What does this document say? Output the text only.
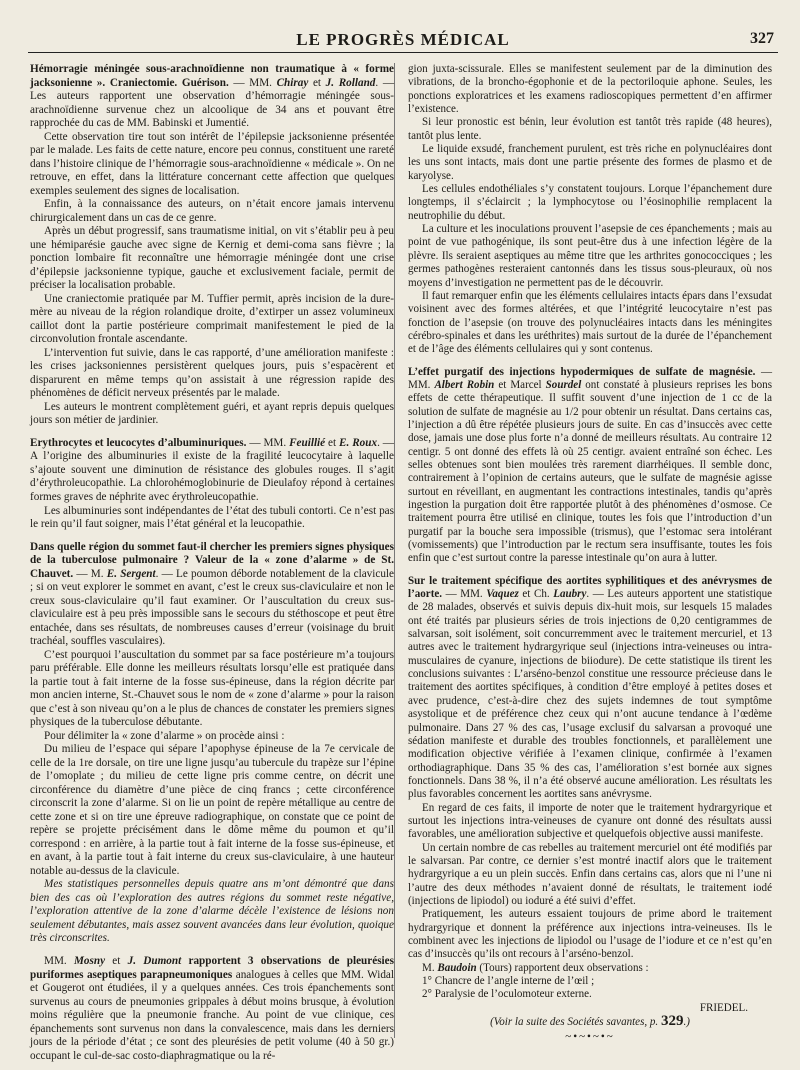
LE PROGRÈS MÉDICAL	327

Hémorragie méningée sous-arachnoïdienne non traumatique à « forme jacksonienne ». Craniectomie. Guérison. — MM. Chiray et J. Rolland. — Les auteurs rapportent une observation d’hémorragie méningée sous-arachnoïdienne survenue chez un alcoolique de 34 ans et pouvant être rapprochée du cas de MM. Babinski et Jumentié.

Cette observation tire tout son intérêt de l’épilepsie jacksonienne présentée par le malade. Les faits de cette nature, encore peu connus, constituent une rareté dans l’histoire clinique de l’hémorragie sous-arachnoïdienne « médicale ». On ne retrouve, en effet, dans la littérature concernant cette affection que quelques exemples seulement des signes de localisation.

Enfin, à la connaissance des auteurs, on n’était encore jamais intervenu chirurgicalement dans un cas de ce genre.

Après un début progressif, sans traumatisme initial, on vit s’établir peu à peu une hémiparésie gauche avec signe de Kernig et demi-coma sans fièvre ; la ponction lombaire fit reconnaître une hémorragie méningée dont une crise d’épilepsie jacksonienne typique, gauche et exclusivement faciale, permit de préciser la localisation probable.

Une craniectomie pratiquée par M. Tuffier permit, après incision de la dure-mère au niveau de la région rolandique droite, d’extirper un assez volumineux caillot dont la partie postérieure comprimait manifestement le pied de la circonvolution frontale ascendante.

L’intervention fut suivie, dans le cas rapporté, d’une amélioration manifeste : les crises jacksoniennes persistèrent quelques jours, puis s’espacèrent et disparurent en même temps qu’on assistait à une régression rapide des phénomènes de déficit nerveux présentés par le malade.

Les auteurs le montrent complètement guéri, et ayant repris depuis quelques jours son métier de jardinier.

Erythrocytes et leucocytes d’albuminuriques. — MM. Feuillié et E. Roux. — A l’origine des albuminuries il existe de la fragilité leucocytaire à laquelle s’ajoute souvent une diminution de résistance des globules rouges. Il s’agit d’érythroleucopathie. La chlorohémoglobinurie de Dieulafoy répond à certaines formes graves de néphrite avec érythroleucopathie.

Les albuminuries sont indépendantes de l’état des tubuli contorti. Ce n’est pas le rein qu’il faut soigner, mais l’état général et la leucopathie.

Dans quelle région du sommet faut-il chercher les premiers signes physiques de la tuberculose pulmonaire ? Valeur de la « zone d’alarme » de St. Chauvet. — M. E. Sergent. — Le poumon déborde notablement de la clavicule ; si on veut explorer le sommet en avant, c’est le creux sus-claviculaire et non le creux sous-claviculaire qu’il faut examiner. Or l’auscultation du creux sus-claviculaire est à peu près impossible sans le secours du stéthoscope et peut être entachée, dans ses résultats, de nombreuses causes d’erreur (voisinage du bruit trachéal, souffles vasculaires).

C’est pourquoi l’auscultation du sommet par sa face postérieure m’a toujours paru préférable. Elle donne les meilleurs résultats lorsqu’elle est pratiquée dans la partie tout à fait interne de la fosse sus-épineuse, dans la région décrite par mon ancien interne, St.-Chauvet sous le nom de « zone d’alarme » pour la raison que c’est à son niveau qu’on a le plus de chances de constater les premiers signes physiques de la tuberculose débutante.

Pour délimiter la « zone d’alarme » on procède ainsi :

Du milieu de l’espace qui sépare l’apophyse épineuse de la 7e cervicale de celle de la 1re dorsale, on tire une ligne jusqu’au tubercule du trapèze sur l’épine de l’omoplate ; du milieu de cette ligne pris comme centre, on décrit une circonférence du diamètre d’une pièce de cinq francs ; cette circonférence circonscrit la zone d’alarme. Si on lie un point de repère métallique au centre de cette zone et si on tire une épreuve radiographique, on constate que ce point de repère se projette précisément dans le dôme même du poumon et qu’il correspond : en arrière, à la partie tout à fait interne de la fosse sus-épineuse, et en avant, à la partie tout à fait interne du creux sus-claviculaire, à une hauteur notable au-dessus de la clavicule.

Mes statistiques personnelles depuis quatre ans m’ont démontré que dans bien des cas où l’exploration des autres régions du sommet reste négative, l’exploration attentive de la zone d’alarme décèle l’existence de lésions non seulement débutantes, mais assez souvent avancées dans leur évolution, quoique très circonscrites.

MM. Mosny et J. Dumont rapportent 3 observations de pleurésies puriformes aseptiques parapneumoniques analogues à celles que MM. Widal et Gougerot ont étudiées, il y a quelques années. Ces trois épanchements sont survenus au cours de pneumonies grippales à début moins brusque, à évolution moins régulière que la pneumonie franche. Au point de vue clinique, ces épanchements sont survenus non dans la convalescence, mais dans les derniers jours de la période d’état ; ce sont des pleurésies de petit volume (40 à 50 gr.) occupant le cul-de-sac costo-diaphragmatique ou la ré-

gion juxta-scissurale. Elles se manifestent seulement par de la diminution des vibrations, de la broncho-égophonie et de la pectoriloquie aphone. Seules, les ponctions exploratrices et les examens radioscopiques permettent d’en affirmer l’existence.

Si leur pronostic est bénin, leur évolution est tantôt très rapide (48 heures), tantôt plus lente.

Le liquide exsudé, franchement purulent, est très riche en polynucléaires dont les uns sont intacts, mais dont une partie présente des formes de plasmo et de karyolyse.

Les cellules endothéliales s’y constatent toujours. Lorque l’épanchement dure longtemps, il s’éclaircit ; la lymphocytose ou l’éosinophilie remplacent la neutrophilie du début.

La culture et les inoculations prouvent l’asepsie de ces épanchements ; mais au point de vue pathogénique, ils sont peut-être dus à une infection légère de la plèvre. Ils seraient aseptiques au même titre que les arthrites gonococciques ; les germes pathogènes resteraient cantonnés dans les tissus sous-pleuraux, où nos moyens d’investigation ne permettent pas de le découvrir.

Il faut remarquer enfin que les éléments cellulaires intacts épars dans l’exsudat voisinent avec des formes altérées, et que l’intégrité leucocytaire n’est pas fonction de l’asepsie (on trouve des polynucléaires intacts dans les méningites cérébro-spinales et dans les uréthrites) mais surtout de la durée de l’épanchement et de l’âge des éléments cellulaires qui y sont contenus.

L’effet purgatif des injections hypodermiques de sulfate de magnésie. — MM. Albert Robin et Marcel Sourdel ont constaté à plusieurs reprises les bons effets de cette thérapeutique. Il suffit souvent d’une injection de 1 cc de la solution de sulfate de magnésie au 1/2 pour obtenir un résultat. Dans certains cas, l’injection a dû être répétée plusieurs jours de suite. En cas d’insuccès avec cette dose, jamais une dose plus forte n’a donné de meilleurs résultats. Au contraire 12 centigr. 5 ont donné des effets là où 25 centigr. avaient entraîné son échec. Les selles obtenues sont bien moulées très rarement diarrhéiques. Il semble donc, contrairement à l’opinion de certains auteurs, que le sulfate de magnésie agisse surtout en réveillant, en augmentant les contractions intestinales, tandis qu’après ingestion la purgation doit être rapportée plutôt à des phénomènes d’osmose. Ce traitement pourra être utilisé en clinique, toutes les fois que l’introduction d’un purgatif par la bouche sera impossible (trismus), que l’estomac sera intolérant (vomissements) que l’introduction par le rectum sera insuffisante, toutes les fois enfin que c’est surtout contre la paresse intestinale qu’on aura à lutter.

Sur le traitement spécifique des aortites syphilitiques et des anévrysmes de l’aorte. — MM. Vaquez et Ch. Laubry. — Les auteurs apportent une statistique de 28 malades, observés et suivis depuis dix-huit mois, sur lesquels 15 malades ont été traités par plusieurs séries de trois injections de 0,20 centigrammes de salvarsan, soit isolément, soit concurremment avec le traitement mercuriel, et 13 autres avec le traitement hydrargyrique seul (injections intra-veineuses ou intra-musculaires de cyanure, injections de biiodure). De cette statistique ils tirent les conclusions suivantes : L’arséno-benzol constitue une ressource précieuse dans le traitement des aortites spécifiques, à condition d’être employé à petites doses et avec prudence, c’est-à-dire chez des sujets indemnes de tout symptôme asystolique et de préférence chez ceux qui n’ont aucune tendance à l’œdème pulmonaire. Dans 27 % des cas, l’usage exclusif du salvarsan a provoqué une sédation manifeste et durable des troubles fonctionnels, et parallèlement une modification objective vérifiée à l’examen clinique, confirmée à l’examen orthodiagraphique. Dans 35 % des cas, l’amélioration s’est bornée aux signes fonctionnels. Dans 38 %, il n’a été observé aucune amélioration. Les résultats les plus favorables concernent les aortites sans anévrysme.

En regard de ces faits, il importe de noter que le traitement hydrargyrique et surtout les injections intra-veineuses de cyanure ont donné des résultats aussi favorables, une amélioration subjective et quelquefois objective aussi manifeste.

Un certain nombre de cas rebelles au traitement mercuriel ont été modifiés par le salvarsan. Par contre, ce dernier s’est montré inactif alors que le traitement hydrargyrique a eu un plein succès. Enfin dans certains cas, alors que ni l’une ni l’autre des deux méthodes n’avaient donné de résultats, le traitement iodé (injections de lipiodol) ou ioduré a été suivi d’effet.

Pratiquement, les auteurs essaient toujours de prime abord le traitement hydrargyrique et donnent la préférence aux injections intra-veineuses. Ils le combinent avec les injections de lipiodol ou l’usage de l’iodure et ce n’est qu’en cas d’insuccès qu’ils ont recours à l’arséno-benzol.

M. Baudoin (Tours) rapportent deux observations :

1° Chancre de l’angle interne de l’œil ;

2° Paralysie de l’oculomoteur externe.

FRIEDEL.

(Voir la suite des Sociétés savantes, p. 329.)

~•~•~•~
